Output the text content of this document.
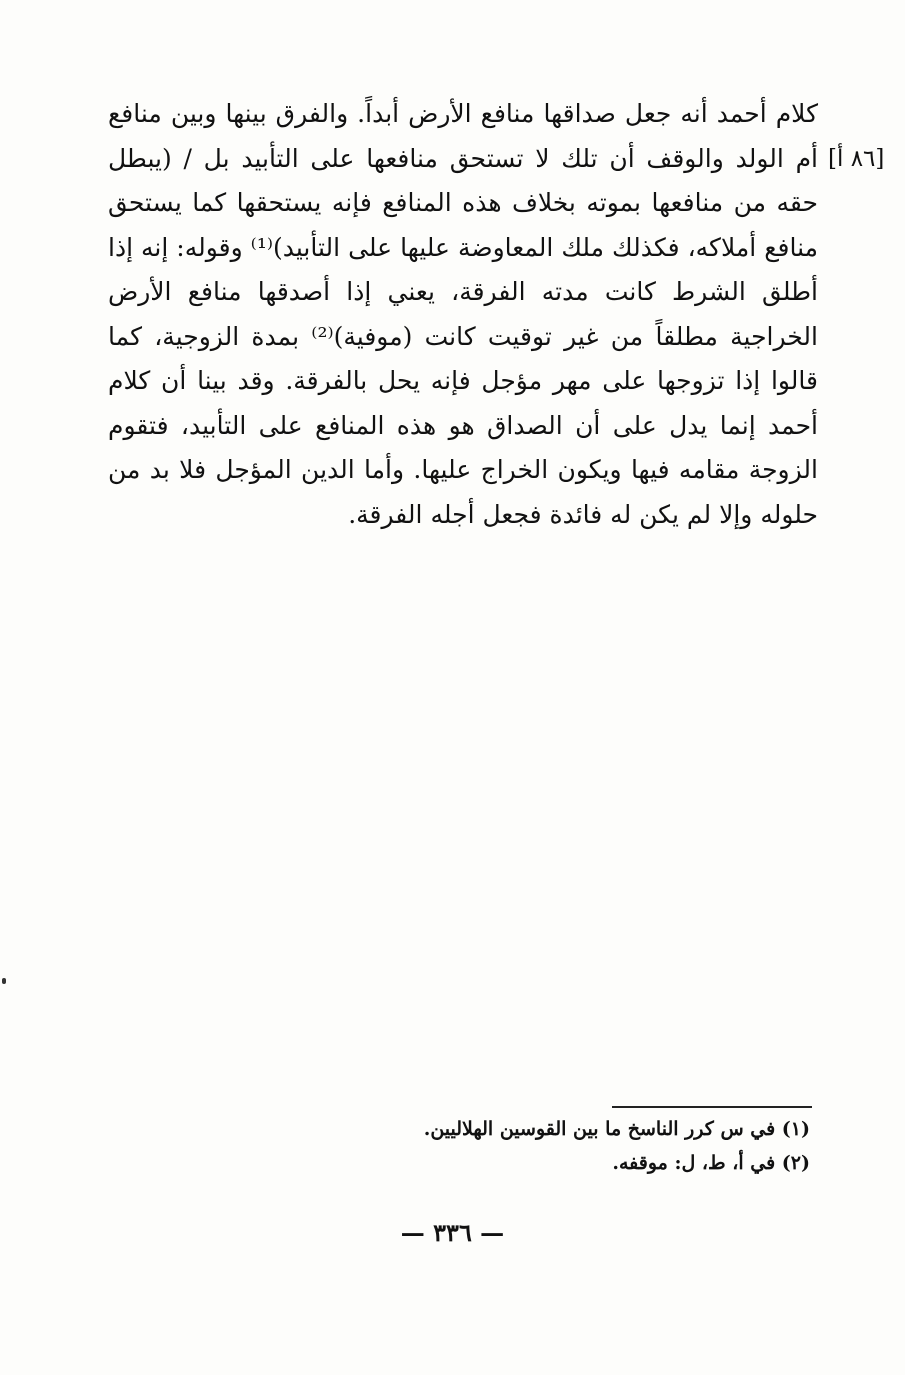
[٨٦ أ]

كلام أحمد أنه جعل صداقها منافع الأرض أبداً. والفرق بينها وبين منافع أم الولد والوقف أن تلك لا تستحق منافعها على التأبيد بل / (يبطل حقه من منافعها بموته بخلاف هذه المنافع فإنه يستحقها كما يستحق منافع أملاكه، فكذلك ملك المعاوضة عليها على التأبيد)⁽¹⁾ وقوله: إنه إذا أطلق الشرط كانت مدته الفرقة، يعني إذا أصدقها منافع الأرض الخراجية مطلقاً من غير توقيت كانت (موفية)⁽²⁾ بمدة الزوجية، كما قالوا إذا تزوجها على مهر مؤجل فإنه يحل بالفرقة. وقد بينا أن كلام أحمد إنما يدل على أن الصداق هو هذه المنافع على التأبيد، فتقوم الزوجة مقامه فيها ويكون الخراج عليها. وأما الدين المؤجل فلا بد من حلوله وإلا لم يكن له فائدة فجعل أجله الفرقة.

(١) في س كرر الناسخ ما بين القوسين الهلاليين.
(٢) في أ، ط، ل: موقفه.
— ٣٣٦ —
